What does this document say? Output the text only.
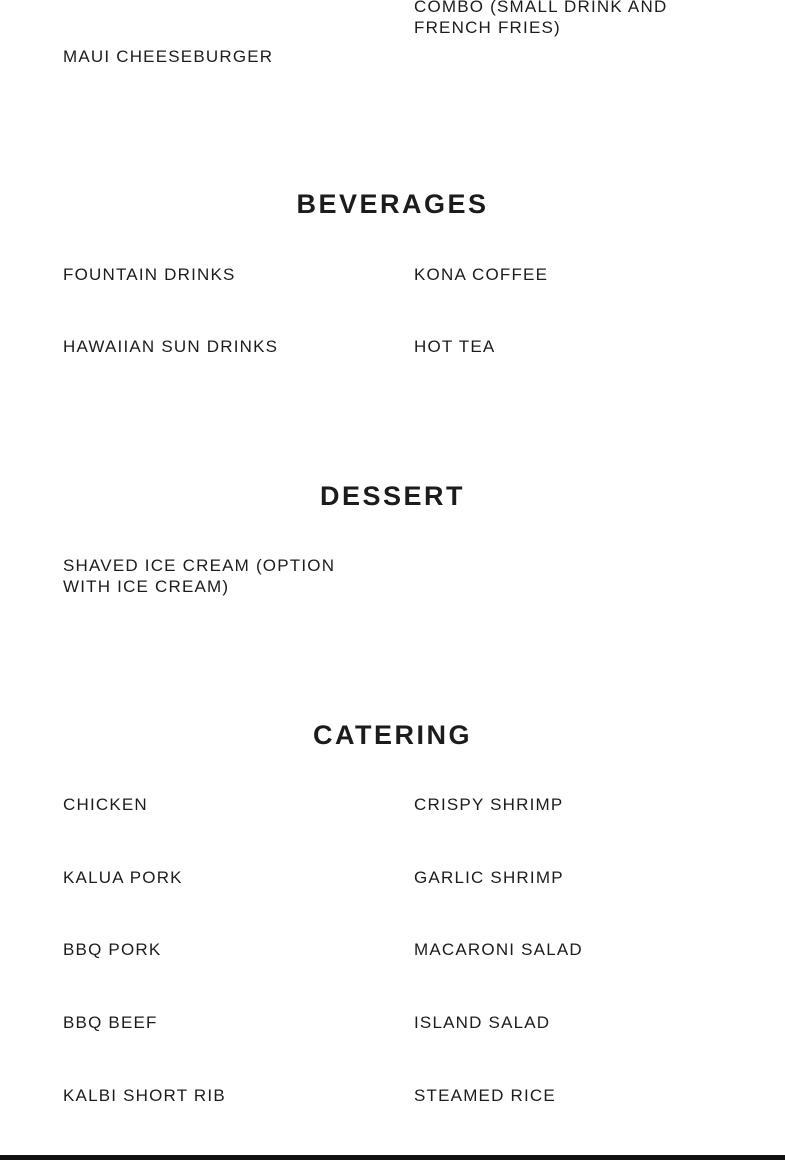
COMBO (SMALL DRINK AND FRENCH FRIES)
MAUI CHEESEBURGER
BEVERAGES
FOUNTAIN DRINKS	KONA COFFEE
HAWAIIAN SUN DRINKS	HOT TEA
DESSERT
SHAVED ICE CREAM (OPTION WITH ICE CREAM)
CATERING
CHICKEN	CRISPY SHRIMP
KALUA PORK	GARLIC SHRIMP
BBQ PORK	MACARONI SALAD
BBQ BEEF	ISLAND SALAD
KALBI SHORT RIB	STEAMED RICE
